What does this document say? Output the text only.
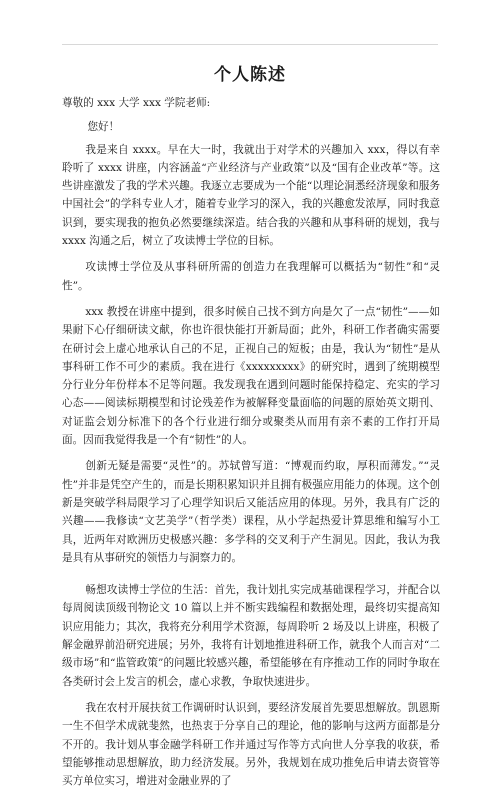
个人陈述

尊敬的 xxx 大学 xxx 学院老师:

您好！

我是来自 xxxx。早在大一时，我就出于对学术的兴趣加入 xxx，得以有幸聆听了 xxxx 讲座，内容涵盖“产业经济与产业政策”以及“国有企业改革”等。这些讲座激发了我的学术兴趣。我逐立志要成为一个能“以理论洞悉经济现象和服务中国社会”的学科专业人才，随着专业学习的深入，我的兴趣愈发浓厚，同时我意识到，要实现我的抱负必然要继续深造。结合我的兴趣和从事科研的规划，我与 xxxx 沟通之后，树立了攻读博士学位的目标。

攻读博士学位及从事科研所需的创造力在我理解可以概括为“韧性”和“灵性”。

xxx 教授在讲座中提到，很多时候自己找不到方向是欠了一点“韧性”——如果耐下心仔细研读文献，你也许很快能打开新局面；此外，科研工作者确实需要在研讨会上虚心地承认自己的不足，正视自己的短板；由是，我认为“韧性”是从事科研工作不可少的素质。我在进行《xxxxxxxxx》的研究时，遇到了统期模型分行业分年份样本不足等问题。我发现我在遇到问题时能保持稳定、充实的学习心态——阅读标期模型和讨论残差作为被解释变量面临的问题的原始英文期刊、对证监会划分标准下的各个行业进行细分或聚类从而用有亲不素的工作打开局面。因而我觉得我是一个有“韧性”的人。

创新无疑是需要“灵性”的。苏轼曾写道：“博观而约取，厚积而薄发。”“灵性”并非是凭空产生的，而是长期积累知识并且拥有极强应用能力的体现。这个创新是突破学科局限学习了心理学知识后又能活应用的体现。另外，我具有广泛的兴趣——我修读“文艺美学”（哲学类）课程，从小学起热爱计算思维和编写小工具，近两年对欧洲历史极感兴趣：多学科的交叉利于产生洞见。因此，我认为我是具有从事研究的领悟力与洞察力的。

畅想攻读博士学位的生活：首先，我计划扎实完成基础课程学习，并配合以每周阅读顶级刊物论文 10 篇以上并不断实践编程和数据处理，最终切实提高知识应用能力；其次，我将充分利用学术资源，每周聆听 2 场及以上讲座，积极了解金融界前沿研究进展；另外，我将有计划地推进科研工作，就我个人而言对“二级市场”和“监管政策”的问题比较感兴趣，希望能够在有序推动工作的同时争取在各类研讨会上发言的机会，虚心求教，争取快速进步。

我在农村开展扶贫工作调研时认识到，要经济发展首先要思想解放。凯恩斯一生不但学术成就斐然，也热衷于分享自己的理论，他的影响与这两方面都是分不开的。我计划从事金融学科研工作并通过写作等方式向世人分享我的收获，希望能够推动思想解放，助力经济发展。另外，我规划在成功推免后申请去资管等买方单位实习，增进对金融业界的了
